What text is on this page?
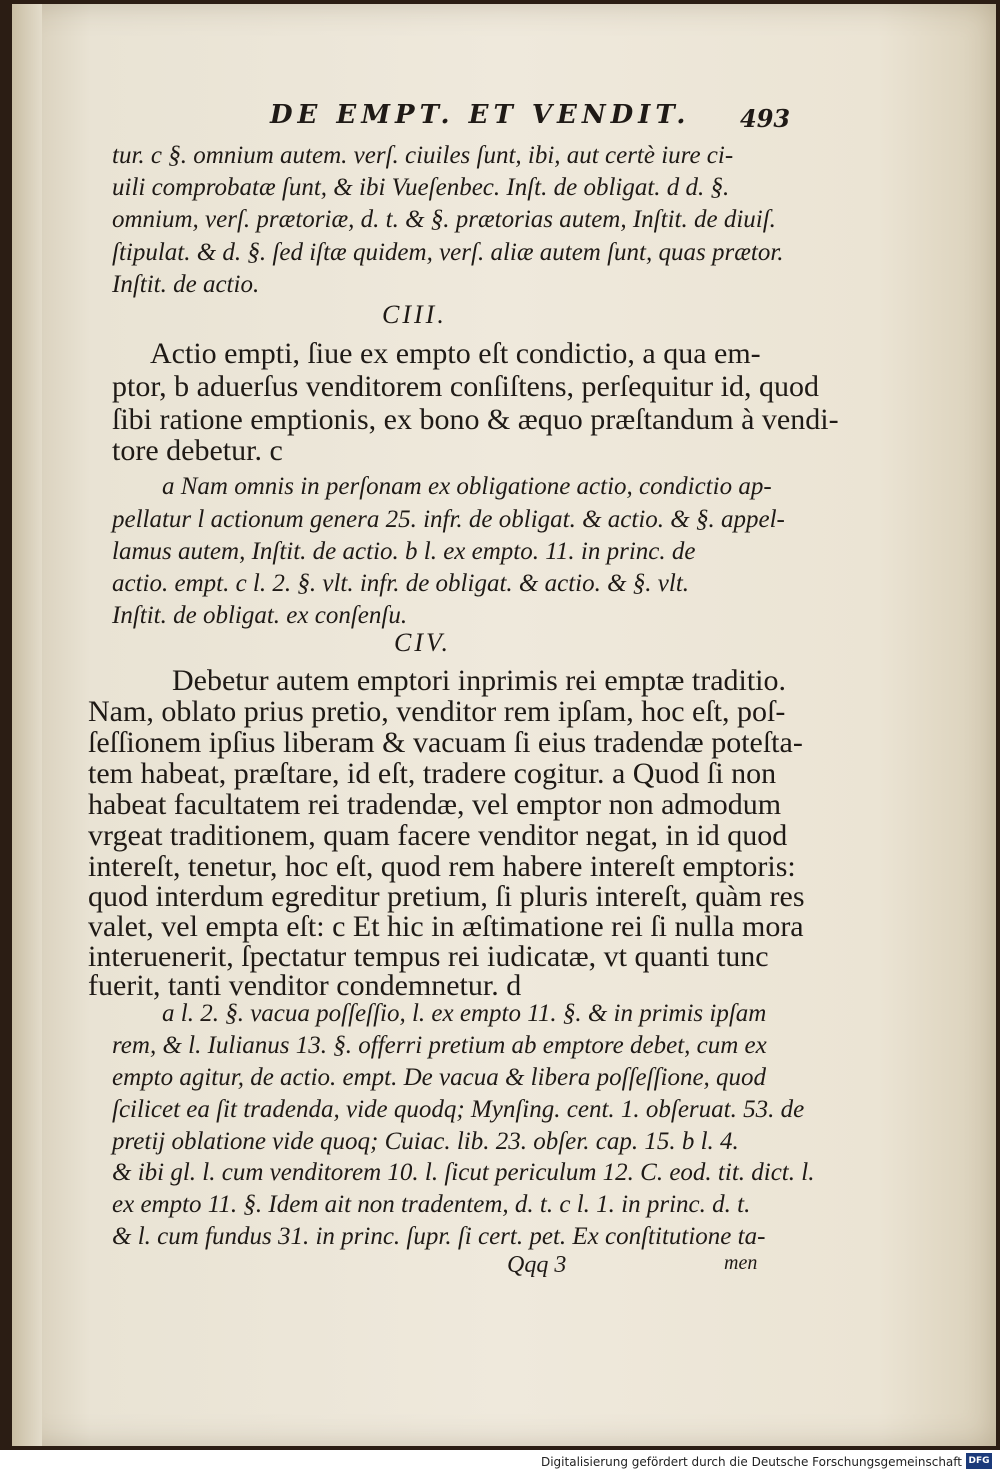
DE EMPT. ET VENDIT. 493
tur. c §. omnium autem. verſ. ciuiles ſunt, ibi, aut certè iure ci-
uili comprobatæ ſunt, & ibi Vueſenbec. Inſt. de obligat. d d. §.
omnium, verſ. prætoriæ, d. t. & §. prætorias autem, Inſtit. de diuiſ.
ſtipulat. & d. §. ſed iſtæ quidem, verſ. aliæ autem ſunt, quas prætor.
Inſtit. de actio.
CIII.
Actio empti, ſiue ex empto eſt condictio, a qua em-
ptor, b aduerſus venditorem conſiſtens, perſequitur id, quod
ſibi ratione emptionis, ex bono & æquo præſtandum à vendi-
tore debetur. c
a Nam omnis in perſonam ex obligatione actio, condictio ap-
pellatur l actionum genera 25. infr. de obligat. & actio. & §. appel-
lamus autem, Inſtit. de actio. b l. ex empto. 11. in princ. de
actio. empt. c l. 2. §. vlt. infr. de obligat. & actio. & §. vlt.
Inſtit. de obligat. ex conſenſu.
CIV.
Debetur autem emptori inprimis rei emptæ traditio.
Nam, oblato prius pretio, venditor rem ipſam, hoc eſt, poſ-
ſeſſionem ipſius liberam & vacuam ſi eius tradendæ poteſta-
tem habeat, præſtare, id eſt, tradere cogitur. a Quod ſi non
habeat facultatem rei tradendæ, vel emptor non admodum
vrgeat traditionem, quam facere venditor negat, in id quod
intereſt, tenetur, hoc eſt, quod rem habere intereſt emptoris:
quod interdum egreditur pretium, ſi pluris intereſt, quàm res
valet, vel empta eſt: c Et hic in æſtimatione rei ſi nulla mora
interuenerit, ſpectatur tempus rei iudicatæ, vt quanti tunc
fuerit, tanti venditor condemnetur. d
a l. 2. §. vacua poſſeſſio, l. ex empto 11. §. & in primis ipſam
rem, & l. Iulianus 13. §. offerri pretium ab emptore debet, cum ex
empto agitur, de actio. empt. De vacua & libera poſſeſſione, quod
ſcilicet ea ſit tradenda, vide quodq; Mynſing. cent. 1. obſeruat. 53. de
pretij oblatione vide quoq; Cuiac. lib. 23. obſer. cap. 15. b l. 4.
& ibi gl. l. cum venditorem 10. l. ſicut periculum 12. C. eod. tit. dict. l.
ex empto 11. §. Idem ait non tradentem, d. t. c l. 1. in princ. d. t.
& l. cum fundus 31. in princ. ſupr. ſi cert. pet. Ex conſtitutione ta-
Qqq 3	men
Digitalisierung gefördert durch die Deutsche Forschungsgemeinschaft DFG
